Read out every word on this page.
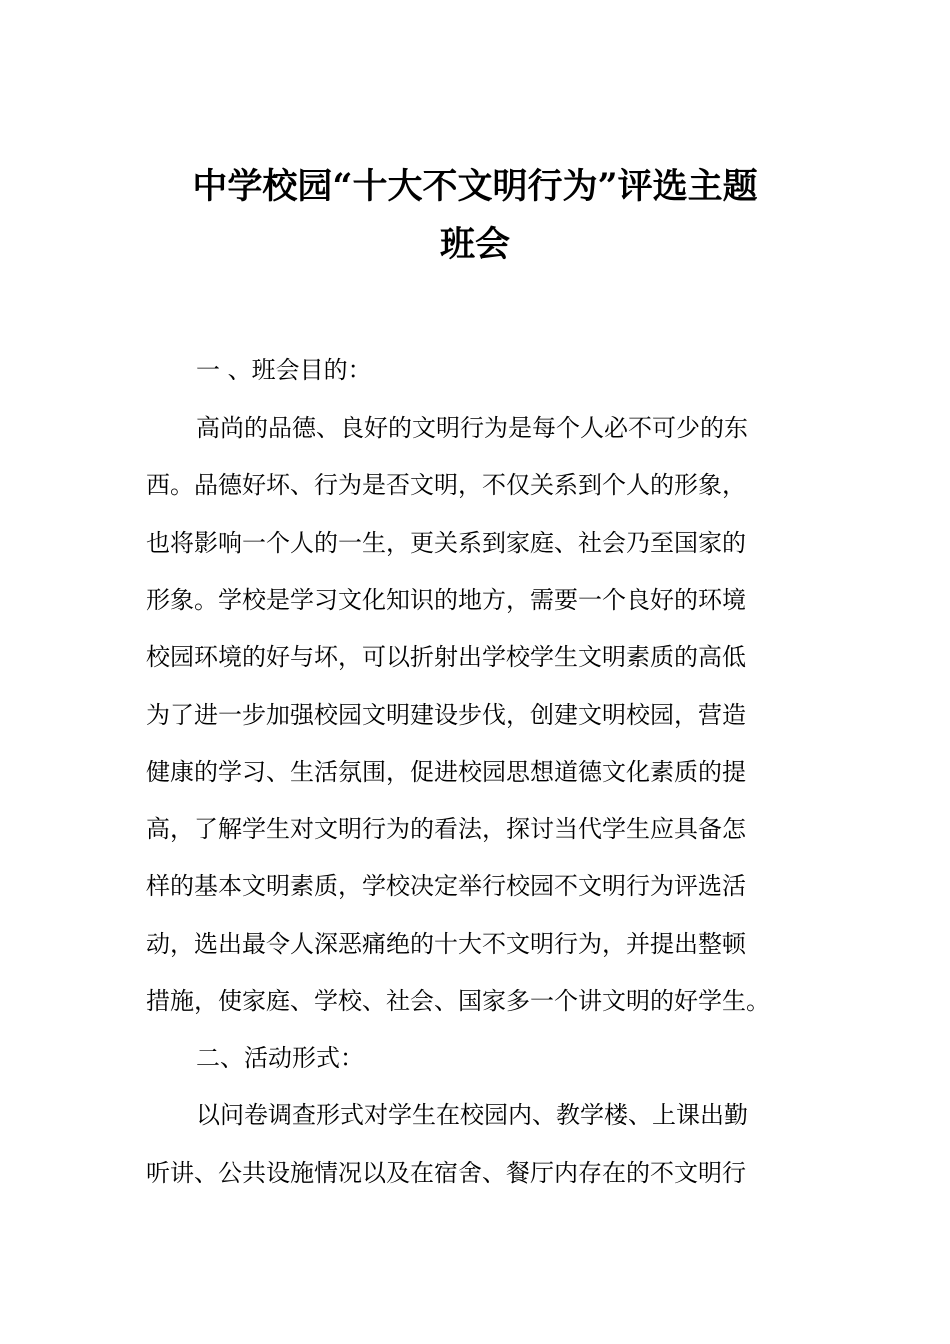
中学校园“十大不文明行为”评选主题
班会

一 、班会目的：

高尚的品德、良好的文明行为是每个人必不可少的东

西。品德好坏、行为是否文明，不仅关系到个人的形象，

也将影响一个人的一生，更关系到家庭、社会乃至国家的

形象。学校是学习文化知识的地方，需要一个良好的环境

校园环境的好与坏，可以折射出学校学生文明素质的高低

为了进一步加强校园文明建设步伐，创建文明校园，营造

健康的学习、生活氛围，促进校园思想道德文化素质的提

高，了解学生对文明行为的看法，探讨当代学生应具备怎

样的基本文明素质，学校决定举行校园不文明行为评选活

动，选出最令人深恶痛绝的十大不文明行为，并提出整顿

措施，使家庭、学校、社会、国家多一个讲文明的好学生。

二、活动形式：

以问卷调查形式对学生在校园内、教学楼、上课出勤

听讲、公共设施情况以及在宿舍、餐厅内存在的不文明行
